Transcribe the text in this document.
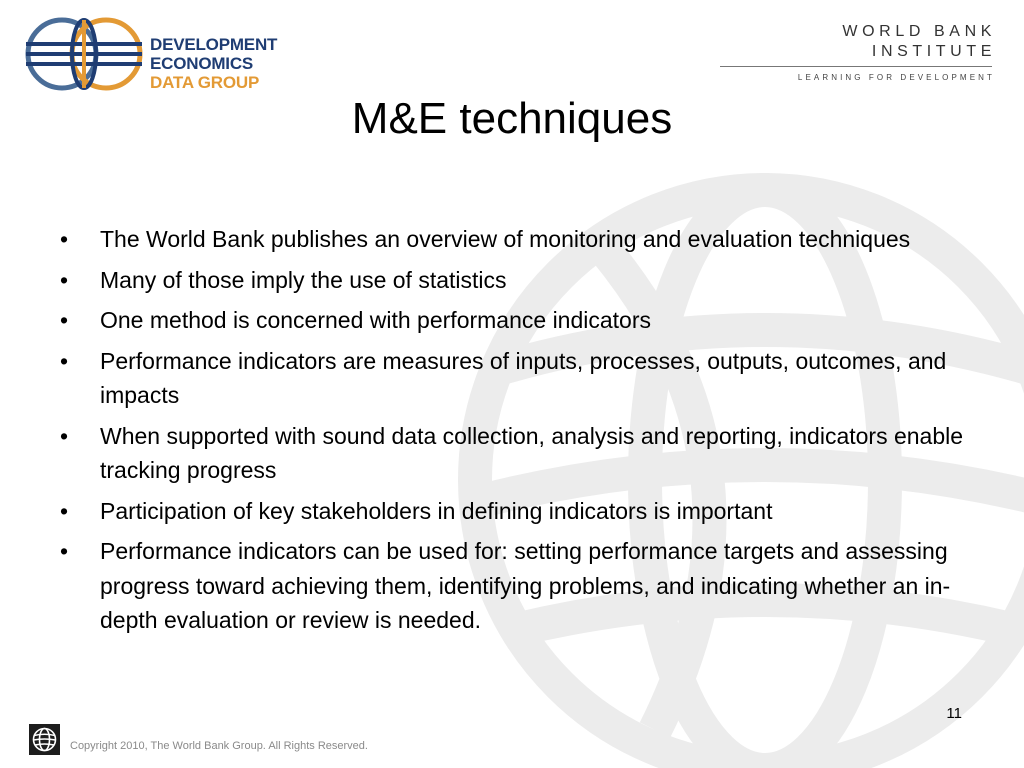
DEVELOPMENT ECONOMICS
DATA GROUP
WORLD BANK INSTITUTE
LEARNING FOR DEVELOPMENT
M&E techniques
• The World Bank publishes an overview of monitoring and evaluation techniques
• Many of those imply the use of statistics
• One method is concerned with performance indicators
• Performance indicators are measures of inputs, processes, outputs, outcomes, and impacts
• When supported with sound data collection, analysis and reporting, indicators enable tracking progress
• Participation of key stakeholders in defining indicators is important
• Performance indicators can be used for: setting performance targets and assessing progress toward achieving them, identifying problems, and indicating whether an in-depth evaluation or review is needed.
11
Copyright 2010, The World Bank Group. All Rights Reserved.
